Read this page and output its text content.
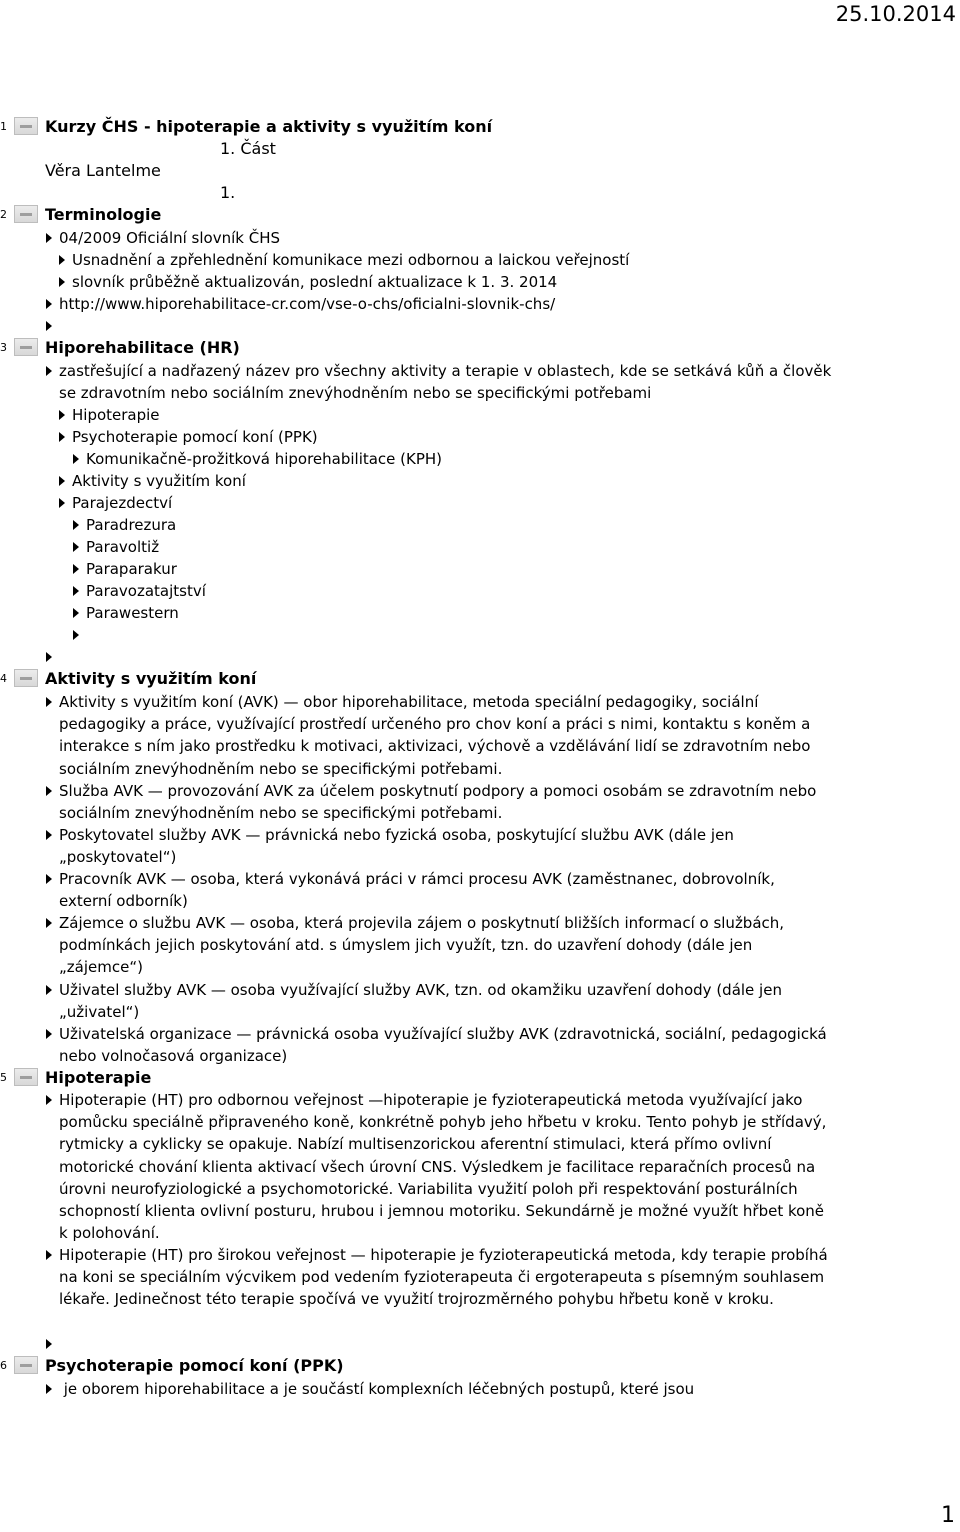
25.10.2014
1 Kurzy ČHS - hipoterapie a aktivity s využitím koní
1. Část
Věra Lantelme
1.
2 Terminologie
04/2009 Oficiální slovník ČHS
Usnadnění a zpřehlednění komunikace mezi odbornou a laickou veřejností
slovník průběžně aktualizován, poslední aktualizace k 1. 3. 2014
http://www.hiporehabilitace-cr.com/vse-o-chs/oficialni-slovnik-chs/
3 Hiporehabilitace (HR)
zastřešující a nadřazený název pro všechny aktivity a terapie v oblastech, kde se setkává kůň a člověk se zdravotním nebo sociálním znevýhodněním nebo se specifickými potřebami
Hipoterapie
Psychoterapie pomocí koní (PPK)
Komunikačně-prožitková hiporehabilitace (KPH)
Aktivity s využitím koní
Parajezdectví
Paradrezura
Paravoltiž
Paraparakur
Paravozatajtství
Parawestern
4 Aktivity s využitím koní
Aktivity s využitím koní (AVK) — obor hiporehabilitace, metoda speciální pedagogiky, sociální pedagogiky a práce, využívající prostředí určeného pro chov koní a práci s nimi, kontaktu s koněm a interakce s ním jako prostředku k motivaci, aktivizaci, výchově a vzdělávání lidí se zdravotním nebo sociálním znevýhodněním nebo se specifickými potřebami.
Služba AVK — provozování AVK za účelem poskytnutí podpory a pomoci osobám se zdravotním nebo sociálním znevýhodněním nebo se specifickými potřebami.
Poskytovatel služby AVK — právnická nebo fyzická osoba, poskytující službu AVK (dále jen „poskytovatel“)
Pracovník AVK — osoba, která vykonává práci v rámci procesu AVK (zaměstnanec, dobrovolník, externí odborník)
Zájemce o službu AVK — osoba, která projevila zájem o poskytnutí bližších informací o službách, podmínkách jejich poskytování atd. s úmyslem jich využít, tzn. do uzavření dohody (dále jen „zájemce“)
Uživatel služby AVK — osoba využívající služby AVK, tzn. od okamžiku uzavření dohody (dále jen „uživatel“)
Uživatelská organizace — právnická osoba využívající služby AVK (zdravotnická, sociální, pedagogická nebo volnočasová organizace)
5 Hipoterapie
Hipoterapie (HT) pro odbornou veřejnost —hipoterapie je fyzioterapeutická metoda využívající jako pomůcku speciálně připraveného koně, konkrétně pohyb jeho hřbetu v kroku. Tento pohyb je střídavý, rytmicky a cyklicky se opakuje. Nabízí multisenzorickou aferentní stimulaci, která přímo ovlivní motorické chování klienta aktivací všech úrovní CNS. Výsledkem je facilitace reparačních procesů na úrovni neurofyziologické a psychomotorické. Variabilita využití poloh při respektování posturálních schopností klienta ovlivní posturu, hrubou i jemnou motoriku. Sekundárně je možné využít hřbet koně k polohování.
Hipoterapie (HT) pro širokou veřejnost — hipoterapie je fyzioterapeutická metoda, kdy terapie probíhá na koni se speciálním výcvikem pod vedením fyzioterapeuta či ergoterapeuta s písemným souhlasem lékaře. Jedinečnost této terapie spočívá ve využití trojrozměrného pohybu hřbetu koně v kroku.
6 Psychoterapie pomocí koní (PPK)
je oborem hiporehabilitace a je součástí komplexních léčebných postupů, které jsou
1
